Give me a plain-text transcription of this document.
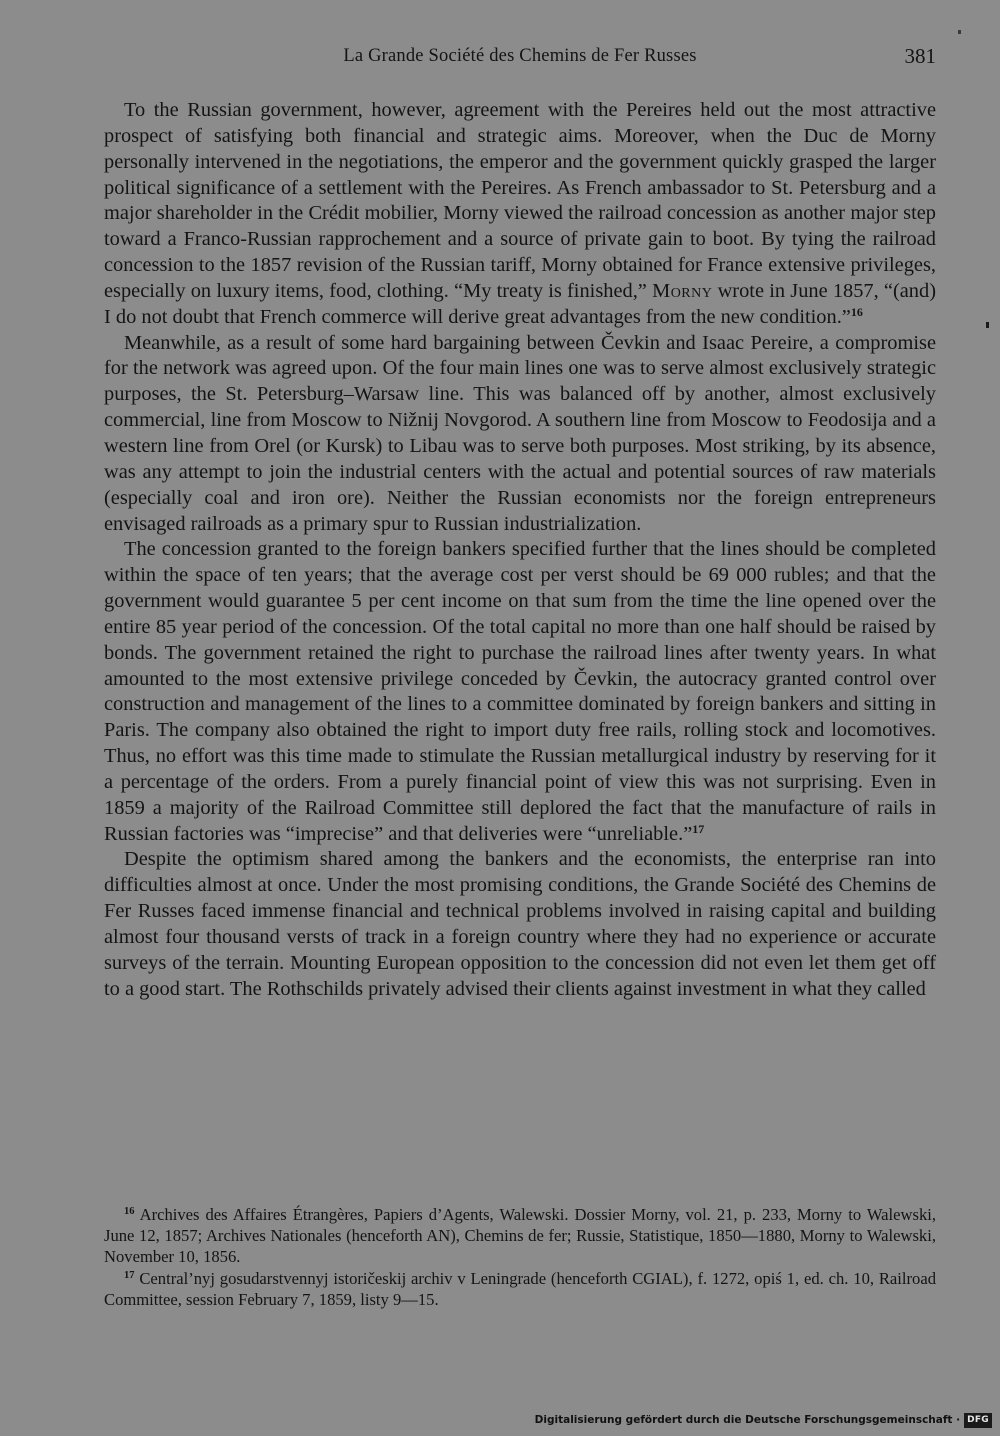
La Grande Société des Chemins de Fer Russes	381

To the Russian government, however, agreement with the Pereires held out the most attractive prospect of satisfying both financial and strategic aims. Moreover, when the Duc de Morny personally intervened in the negotiations, the emperor and the government quickly grasped the larger political significance of a settlement with the Pereires. As French ambassador to St. Petersburg and a major shareholder in the Crédit mobilier, Morny viewed the railroad concession as another major step toward a Franco-Russian rapprochement and a source of private gain to boot. By tying the railroad concession to the 1857 revision of the Russian tariff, Morny obtained for France extensive privileges, especially on luxury items, food, clothing. “My treaty is finished,” Morny wrote in June 1857, “(and) I do not doubt that French commerce will derive great advantages from the new condition.”$^{16}$

Meanwhile, as a result of some hard bargaining between Čevkin and Isaac Pereire, a compromise for the network was agreed upon. Of the four main lines one was to serve almost exclusively strategic purposes, the St. Petersburg–Warsaw line. This was balanced off by another, almost exclusively commercial, line from Moscow to Nižnij Novgorod. A southern line from Moscow to Feodosija and a western line from Orel (or Kursk) to Libau was to serve both purposes. Most striking, by its absence, was any attempt to join the industrial centers with the actual and potential sources of raw materials (especially coal and iron ore). Neither the Russian economists nor the foreign entrepreneurs envisaged railroads as a primary spur to Russian industrialization.

The concession granted to the foreign bankers specified further that the lines should be completed within the space of ten years; that the average cost per verst should be 69 000 rubles; and that the government would guarantee 5 per cent income on that sum from the time the line opened over the entire 85 year period of the concession. Of the total capital no more than one half should be raised by bonds. The government retained the right to purchase the railroad lines after twenty years. In what amounted to the most extensive privilege conceded by Čevkin, the autocracy granted control over construction and management of the lines to a committee dominated by foreign bankers and sitting in Paris. The company also obtained the right to import duty free rails, rolling stock and locomotives. Thus, no effort was this time made to stimulate the Russian metallurgical industry by reserving for it a percentage of the orders. From a purely financial point of view this was not surprising. Even in 1859 a majority of the Railroad Committee still deplored the fact that the manufacture of rails in Russian factories was “imprecise” and that deliveries were “unreliable.”$^{17}$

Despite the optimism shared among the bankers and the economists, the enterprise ran into difficulties almost at once. Under the most promising conditions, the Grande Société des Chemins de Fer Russes faced immense financial and technical problems involved in raising capital and building almost four thousand versts of track in a foreign country where they had no experience or accurate surveys of the terrain. Mounting European opposition to the concession did not even let them get off to a good start. The Rothschilds privately advised their clients against investment in what they called

$^{16}$ Archives des Affaires Étrangères, Papiers d’Agents, Walewski. Dossier Morny, vol. 21, p. 233, Morny to Walewski, June 12, 1857; Archives Nationales (henceforth AN), Chemins de fer; Russie, Statistique, 1850—1880, Morny to Walewski, November 10, 1856.

$^{17}$ Central’nyj gosudarstvennyj istoričeskij archiv v Leningrade (henceforth CGIAL), f. 1272, opiś 1, ed. ch. 10, Railroad Committee, session February 7, 1859, listy 9—15.

Digitalisierung gefördert durch die Deutsche Forschungsgemeinschaft · DFG
